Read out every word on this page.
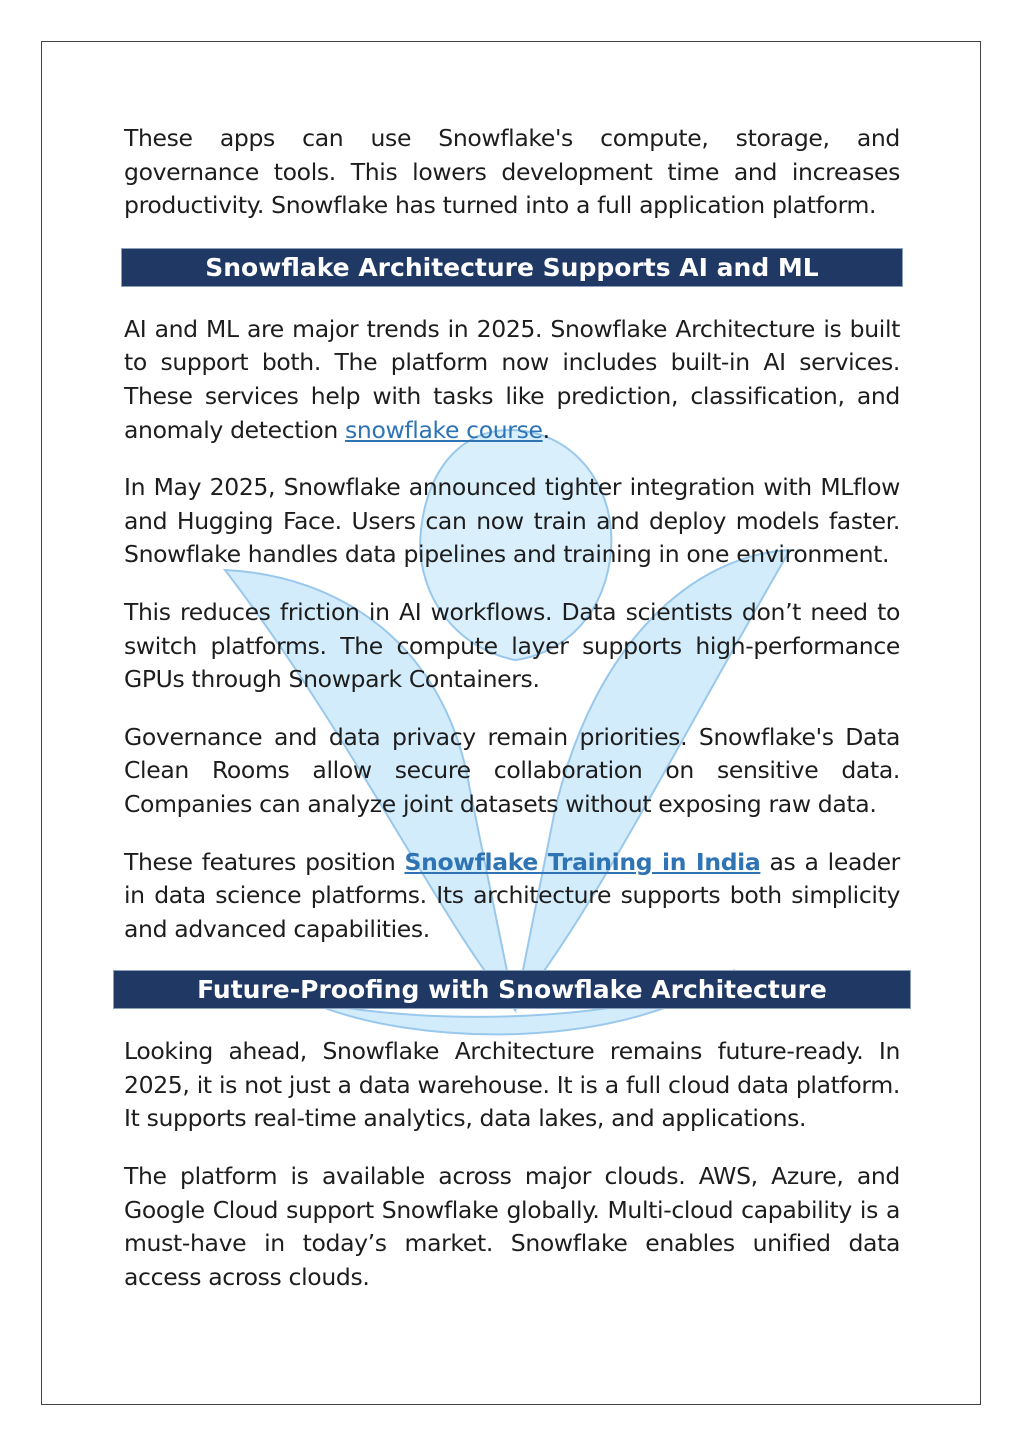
These apps can use Snowflake's compute, storage, and governance tools. This lowers development time and increases productivity. Snowflake has turned into a full application platform.

Snowflake Architecture Supports AI and ML

AI and ML are major trends in 2025. Snowflake Architecture is built to support both. The platform now includes built-in AI services. These services help with tasks like prediction, classification, and anomaly detection snowflake course.

In May 2025, Snowflake announced tighter integration with MLflow and Hugging Face. Users can now train and deploy models faster. Snowflake handles data pipelines and training in one environment.

This reduces friction in AI workflows. Data scientists don’t need to switch platforms. The compute layer supports high-performance GPUs through Snowpark Containers.

Governance and data privacy remain priorities. Snowflake's Data Clean Rooms allow secure collaboration on sensitive data. Companies can analyze joint datasets without exposing raw data.

These features position Snowflake Training in India as a leader in data science platforms. Its architecture supports both simplicity and advanced capabilities.

Future-Proofing with Snowflake Architecture

Looking ahead, Snowflake Architecture remains future-ready. In 2025, it is not just a data warehouse. It is a full cloud data platform. It supports real-time analytics, data lakes, and applications.

The platform is available across major clouds. AWS, Azure, and Google Cloud support Snowflake globally. Multi-cloud capability is a must-have in today’s market. Snowflake enables unified data access across clouds.
